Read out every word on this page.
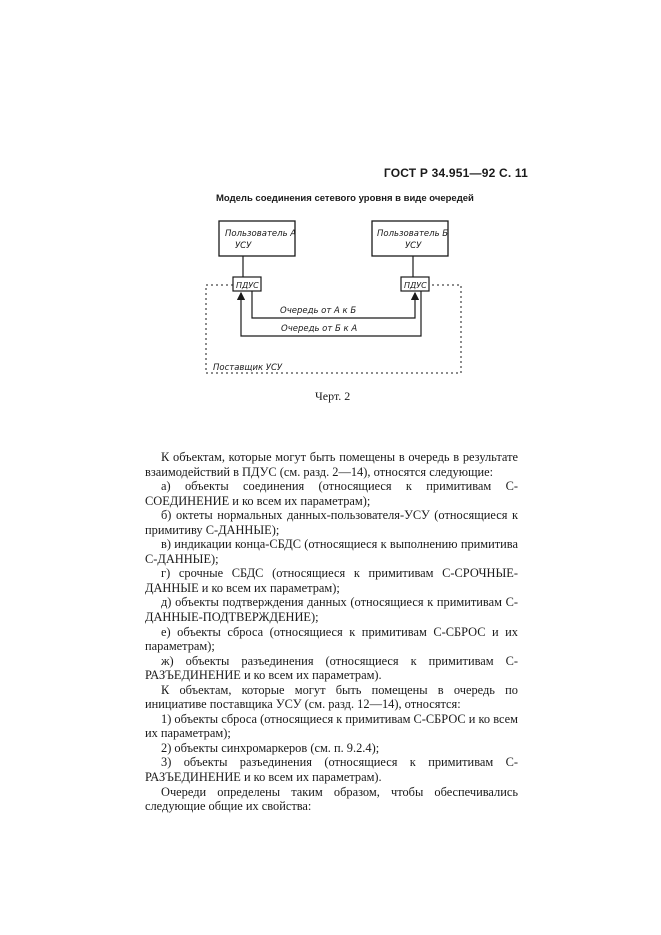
ГОСТ Р 34.951—92 С. 11
Модель соединения сетевого уровня в виде очередей
Пользователь А
УСУ
Пользователь Б
УСУ
ПДУС	ПДУС
Очередь от А к Б
Очередь от Б к А
Поставщик УСУ
Черт. 2

К объектам, которые могут быть помещены в очередь в результате взаимодействий в ПДУС (см. разд. 2—14), относятся следующие:

а) объекты соединения (относящиеся к примитивам С-СОЕДИНЕНИЕ и ко всем их параметрам);

б) октеты нормальных данных-пользователя-УСУ (относящиеся к примитиву С-ДАННЫЕ);

в) индикации конца-СБДС (относящиеся к выполнению примитива С-ДАННЫЕ);

г) срочные СБДС (относящиеся к примитивам С-СРОЧНЫЕ-ДАННЫЕ и ко всем их параметрам);

д) объекты подтверждения данных (относящиеся к примитивам С-ДАННЫЕ-ПОДТВЕРЖДЕНИЕ);

е) объекты сброса (относящиеся к примитивам С-СБРОС и их параметрам);

ж) объекты разъединения (относящиеся к примитивам С-РАЗЪЕДИНЕНИЕ и ко всем их параметрам).

К объектам, которые могут быть помещены в очередь по инициативе поставщика УСУ (см. разд. 12—14), относятся:

1) объекты сброса (относящиеся к примитивам С-СБРОС и ко всем их параметрам);

2) объекты синхромаркеров (см. п. 9.2.4);

3) объекты разъединения (относящиеся к примитивам С-РАЗЪЕДИНЕНИЕ и ко всем их параметрам).

Очереди определены таким образом, чтобы обеспечивались следующие общие их свойства:
